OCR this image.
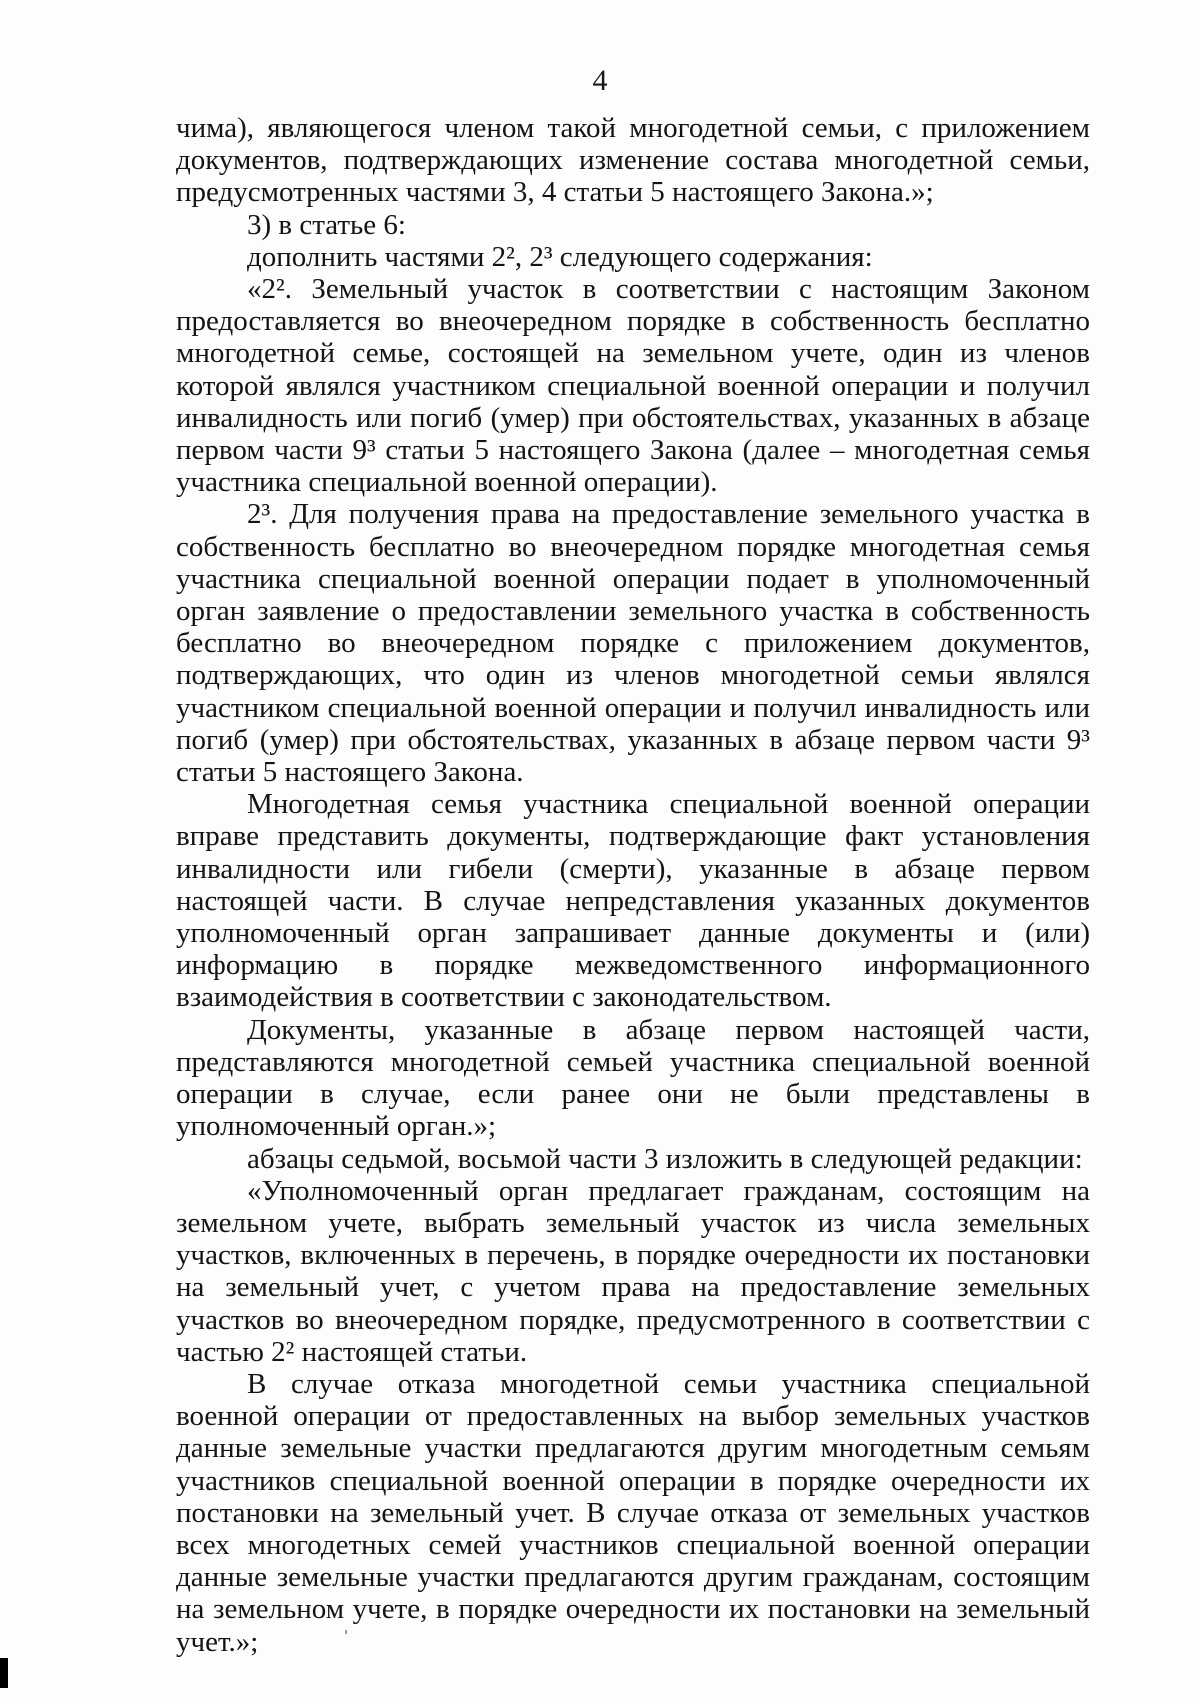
4

чима), являющегося членом такой многодетной семьи, с приложением документов, подтверждающих изменение состава многодетной семьи, предусмотренных частями 3, 4 статьи 5 настоящего Закона.»;

3) в статье 6:

дополнить частями 2², 2³ следующего содержания:

«2². Земельный участок в соответствии с настоящим Законом предоставляется во внеочередном порядке в собственность бесплатно многодетной семье, состоящей на земельном учете, один из членов которой являлся участником специальной военной операции и получил инвалидность или погиб (умер) при обстоятельствах, указанных в абзаце первом части 9³ статьи 5 настоящего Закона (далее – многодетная семья участника специальной военной операции).

2³. Для получения права на предоставление земельного участка в собственность бесплатно во внеочередном порядке многодетная семья участника специальной военной операции подает в уполномоченный орган заявление о предоставлении земельного участка в собственность бесплатно во внеочередном порядке с приложением документов, подтверждающих, что один из членов многодетной семьи являлся участником специальной военной операции и получил инвалидность или погиб (умер) при обстоятельствах, указанных в абзаце первом части 9³ статьи 5 настоящего Закона.

Многодетная семья участника специальной военной операции вправе представить документы, подтверждающие факт установления инвалидности или гибели (смерти), указанные в абзаце первом настоящей части. В случае непредставления указанных документов уполномоченный орган запрашивает данные документы и (или) информацию в порядке межведомственного информационного взаимодействия в соответствии с законодательством.

Документы, указанные в абзаце первом настоящей части, представляются многодетной семьей участника специальной военной операции в случае, если ранее они не были представлены в уполномоченный орган.»;

абзацы седьмой, восьмой части 3 изложить в следующей редакции:

«Уполномоченный орган предлагает гражданам, состоящим на земельном учете, выбрать земельный участок из числа земельных участков, включенных в перечень, в порядке очередности их постановки на земельный учет, с учетом права на предоставление земельных участков во внеочередном порядке, предусмотренного в соответствии с частью 2² настоящей статьи.

В случае отказа многодетной семьи участника специальной военной операции от предоставленных на выбор земельных участков данные земельные участки предлагаются другим многодетным семьям участников специальной военной операции в порядке очередности их постановки на земельный учет. В случае отказа от земельных участков всех многодетных семей участников специальной военной операции данные земельные участки предлагаются другим гражданам, состоящим на земельном учете, в порядке очередности их постановки на земельный учет.»;
